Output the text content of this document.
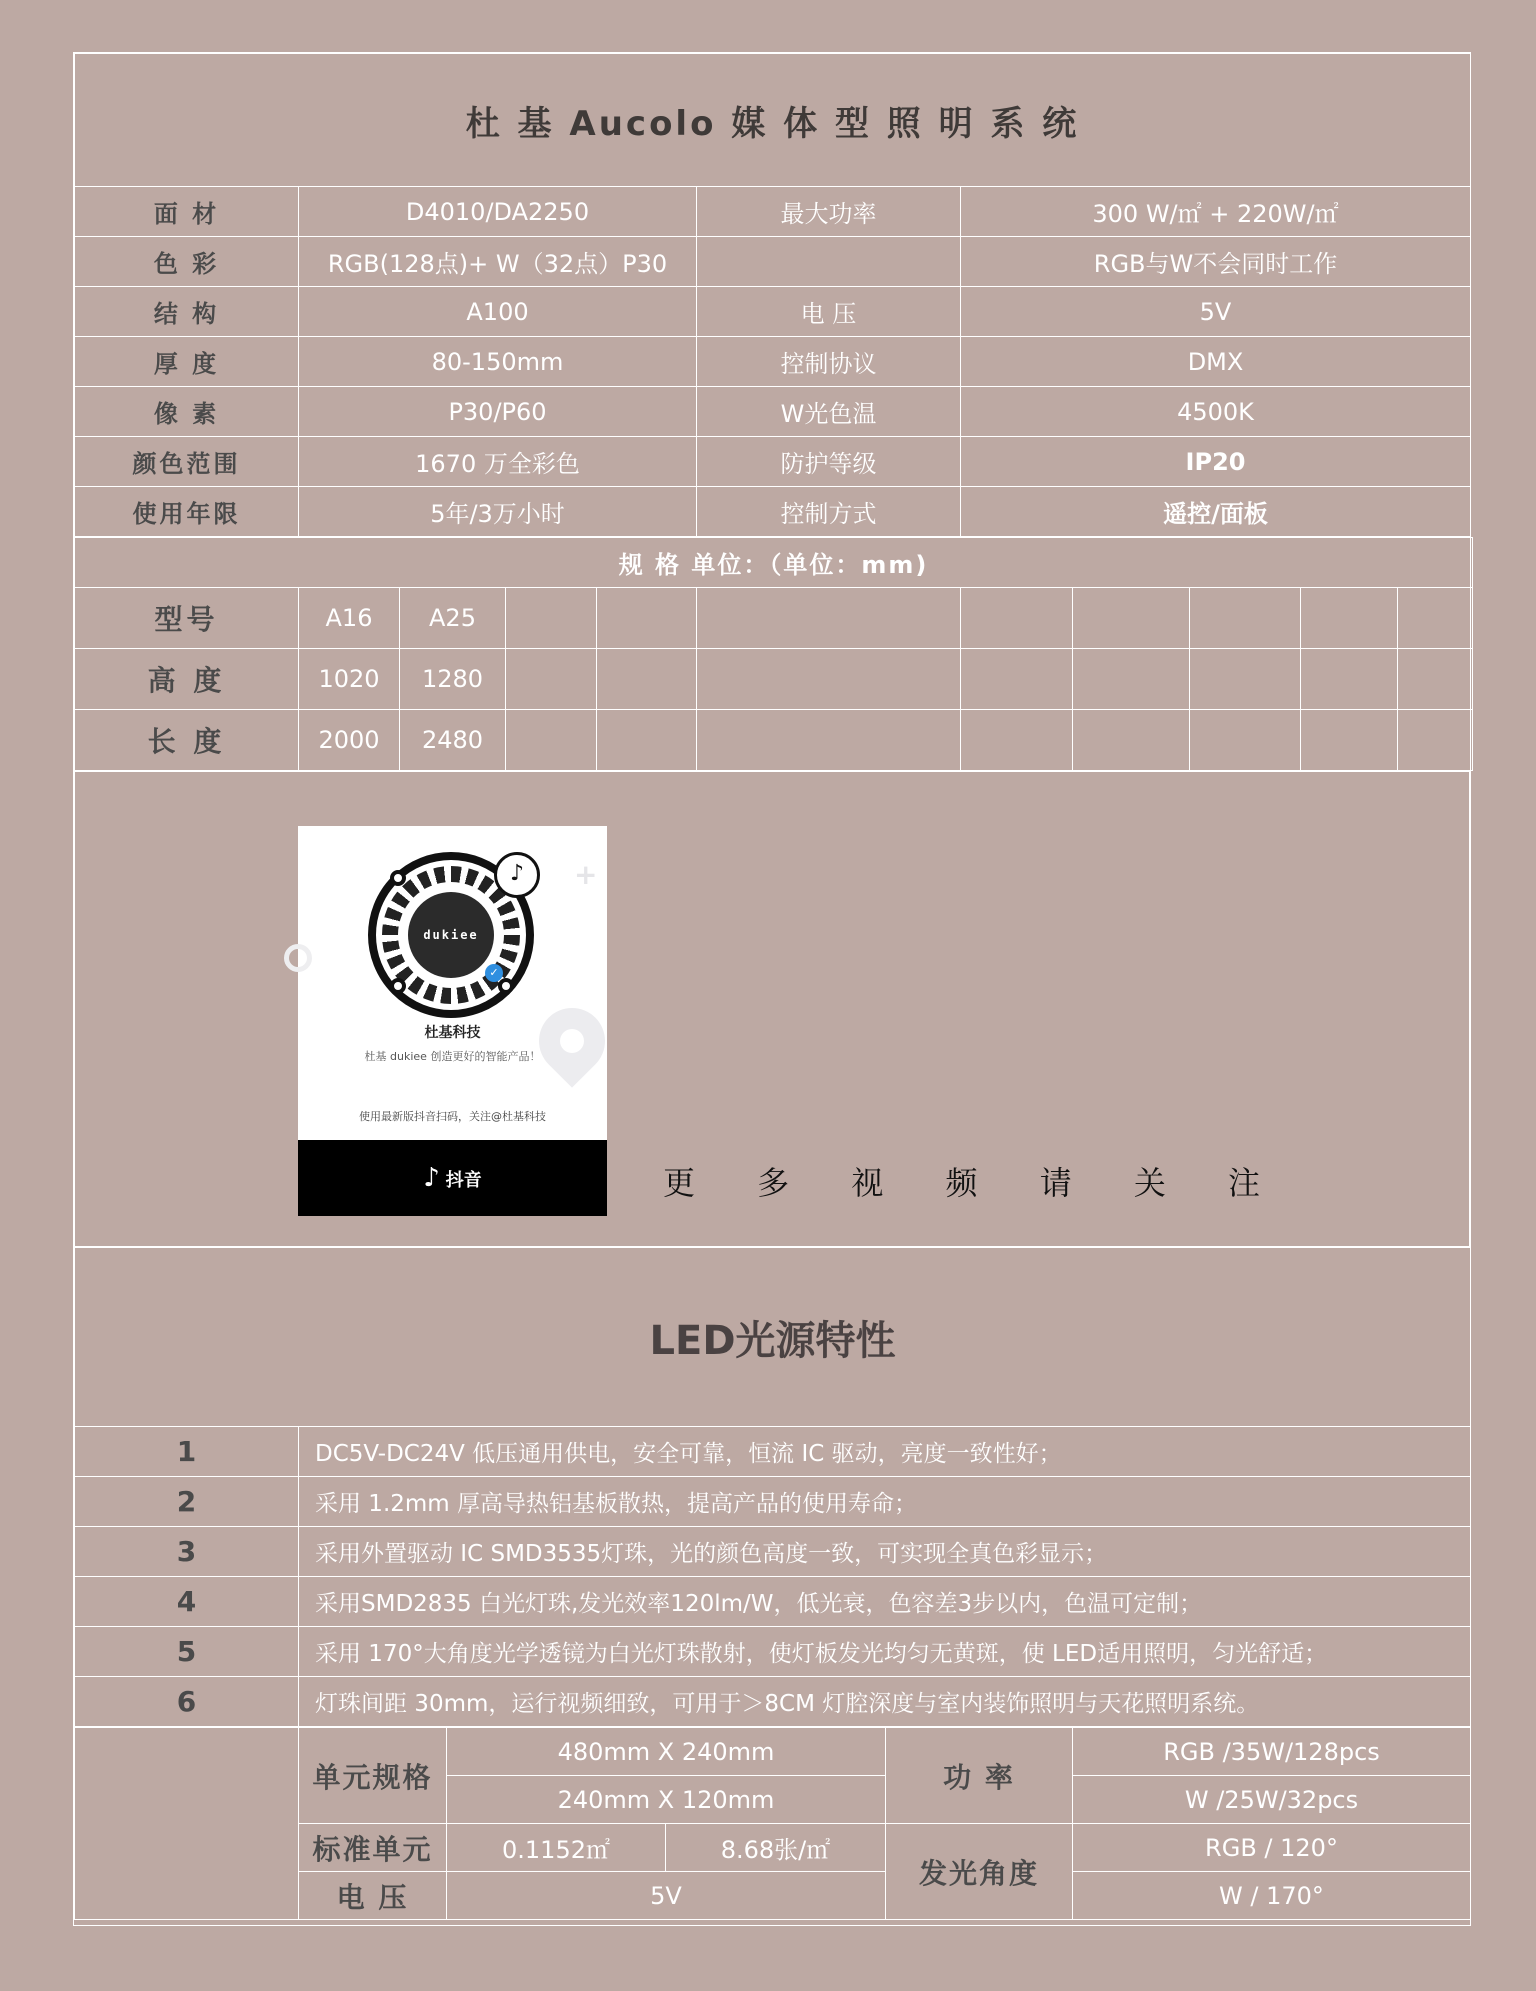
杜 基 Aucolo 媒 体 型 照 明 系 统			
面 材	D4010/DA2250	最大功率	300 W/㎡ + 220W/㎡
色 彩	RGB(128点)+ W（32点）P30		RGB与W不会同时工作
结 构	A100	电 压	5V
厚 度	80-150mm	控制协议	DMX
像 素	P30/P60	W光色温	4500K
颜色范围	1670 万全彩色	防护等级	IP20
使用年限	5年/3万小时	控制方式	遥控/面板
规 格 单位：（单位：mm)										
型号	A16	A25								
高 度	1020	1280								
长 度	2000	2480								
+
dukiee
✓
♪
杜基科技
杜基 dukiee 创造更好的智能产品！
使用最新版抖音扫码，关注@杜基科技
♪ 抖音	更 多 视 频 请 关 注
LED光源特性	
1	DC5V-DC24V 低压通用供电，安全可靠，恒流 IC 驱动，亮度一致性好；
2	采用 1.2mm 厚高导热铝基板散热，提高产品的使用寿命；
3	采用外置驱动 IC SMD3535灯珠，光的颜色高度一致，可实现全真色彩显示；
4	采用SMD2835 白光灯珠,发光效率120lm/W，低光衰，色容差3步以内，色温可定制；
5	采用 170°大角度光学透镜为白光灯珠散射，使灯板发光均匀无黄斑，使 LED适用照明，匀光舒适；
6	灯珠间距 30mm，运行视频细致，可用于＞8CM 灯腔深度与室内装饰照明与天花照明系统。
	单元规格	480mm X 240mm		功 率	RGB /35W/128pcs
		240mm X 120mm			W /25W/32pcs
	标准单元	0.1152㎡	8.68张/㎡	发光角度	RGB / 120°
	电 压	5V			W / 170°
